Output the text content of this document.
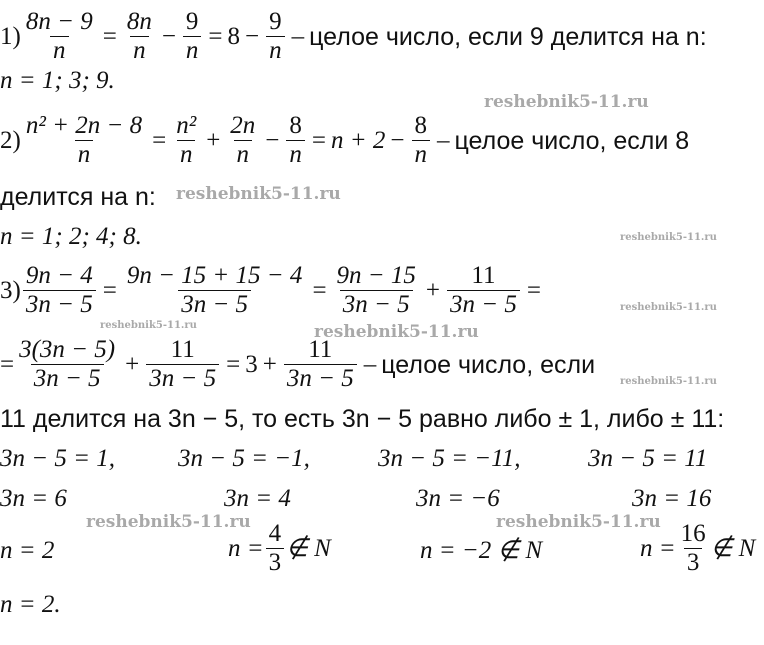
$1) \frac{8n - 9}{n} = \frac{8n}{n} - \frac{9}{n} = 8 - \frac{9}{n}$ – целое число, если 9 делится на n:
n = 1; 3; 9.
$2) \frac{\text{n² + 2n − 8}}{n} = \frac{\text{n²}}{n} + \frac{2n}{n} - \frac{8}{n} = n + 2 - \frac{8}{n}$ – целое число, если 8
делится на n:
n = 1; 2; 4; 8.
$3) \frac{9n - 4}{3n - 5} = \frac{9n - 15 + 15 - 4}{3n - 5} = \frac{9n - 15}{3n - 5} + \frac{11}{3n - 5}$ =
= $\frac{3(3n - 5)}{3n - 5} + \frac{11}{3n - 5} = 3 + \frac{11}{3n - 5}$ – целое число, если
11 делится на 3n − 5, то есть 3n − 5 равно либо ± 1, либо ± 11:
3n − 5 = 1,	3n − 5 = −1,	3n − 5 = −11,	3n − 5 = 11
3n = 6	3n = 4	3n = −6	3n = 16
n = 2	$n = \frac{4}{3}$ ∉ N	n = −2 ∉ N	$n = \frac{16}{3}$ ∉ N
n = 2.
reshebnik5-11.ru
reshebnik5-11.ru
reshebnik5-11.ru
reshebnik5-11.ru
reshebnik5-11.ru	reshebnik5-11.ru
reshebnik5-11.ru
reshebnik5-11.ru	reshebnik5-11.ru
